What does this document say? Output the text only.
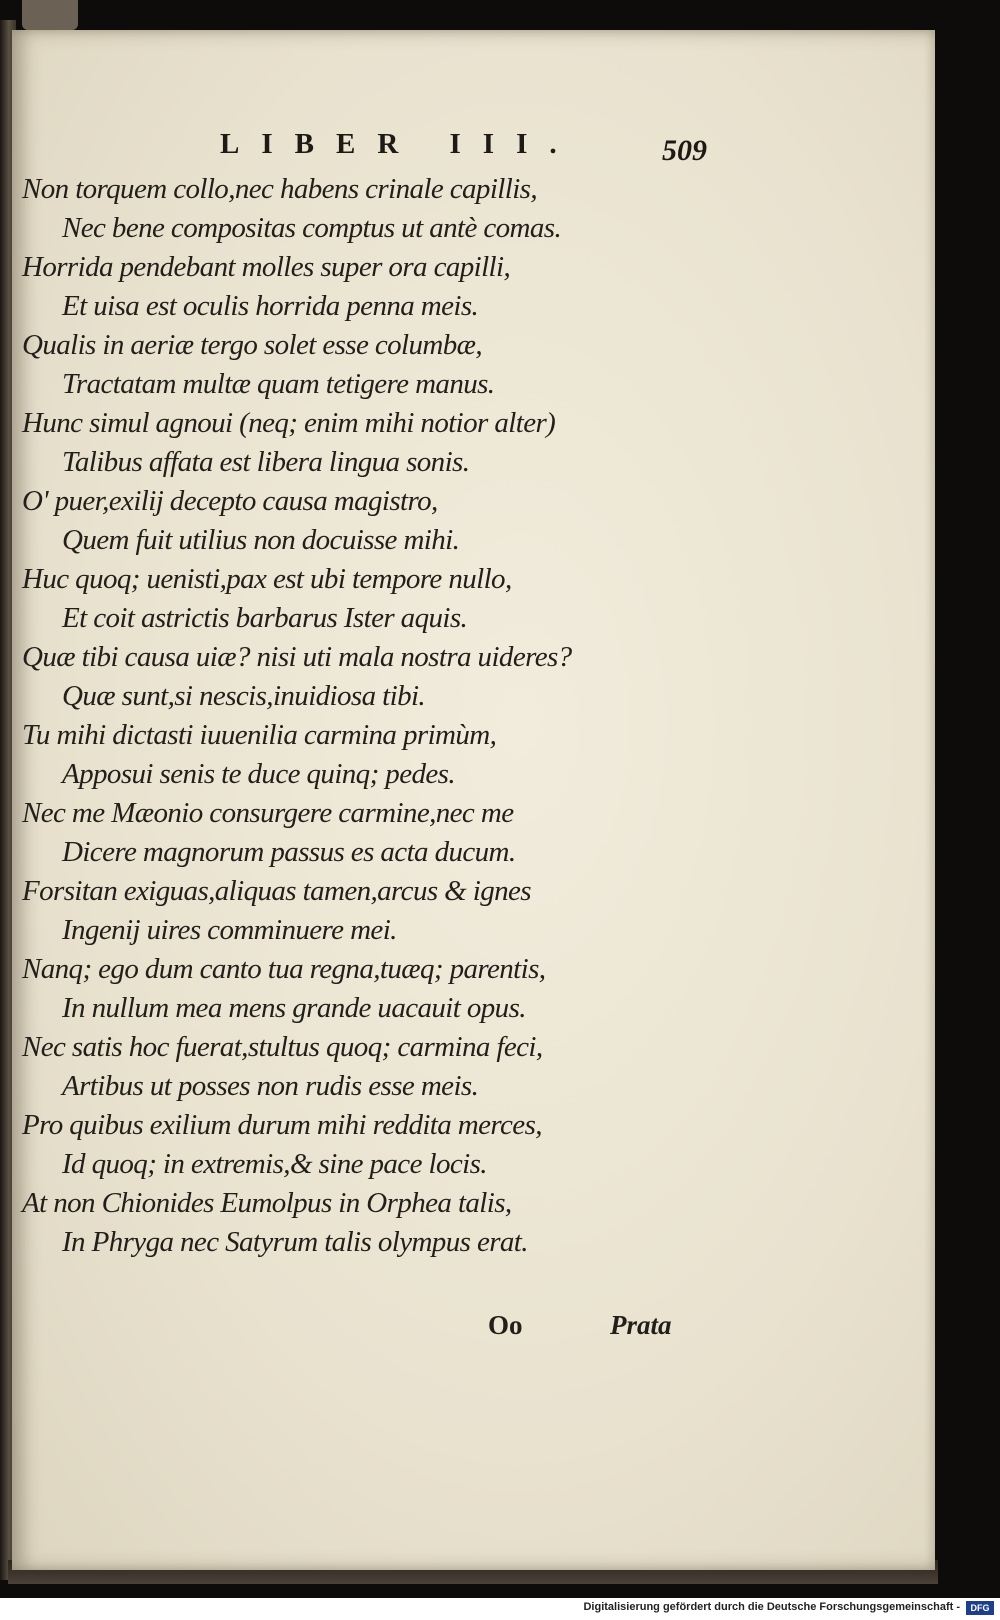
LIBER III.	509
Non torquem collo,nec habens crinale capillis,
Nec bene compositas comptus ut antè comas.
Horrida pendebant molles super ora capilli,
Et uisa est oculis horrida penna meis.
Qualis in aeriæ tergo solet esse columbæ,
Tractatam multæ quam tetigere manus.
Hunc simul agnoui (neq; enim mihi notior alter)
Talibus affata est libera lingua sonis.
O' puer,exilij decepto causa magistro,
Quem fuit utilius non docuisse mihi.
Huc quoq; uenisti,pax est ubi tempore nullo,
Et coit astrictis barbarus Ister aquis.
Quæ tibi causa uiæ? nisi uti mala nostra uideres?
Quæ sunt,si nescis,inuidiosa tibi.
Tu mihi dictasti iuuenilia carmina primùm,
Apposui senis te duce quinq; pedes.
Nec me Mæonio consurgere carmine,nec me
Dicere magnorum passus es acta ducum.
Forsitan exiguas,aliquas tamen,arcus & ignes
Ingenij uires comminuere mei.
Nanq; ego dum canto tua regna,tuæq; parentis,
In nullum mea mens grande uacauit opus.
Nec satis hoc fuerat,stultus quoq; carmina feci,
Artibus ut posses non rudis esse meis.
Pro quibus exilium durum mihi reddita merces,
Id quoq; in extremis,& sine pace locis.
At non Chionides Eumolpus in Orphea talis,
In Phryga nec Satyrum talis olympus erat.
Oo	Prata
Digitalisierung gefördert durch die Deutsche Forschungsgemeinschaft -	DFG
